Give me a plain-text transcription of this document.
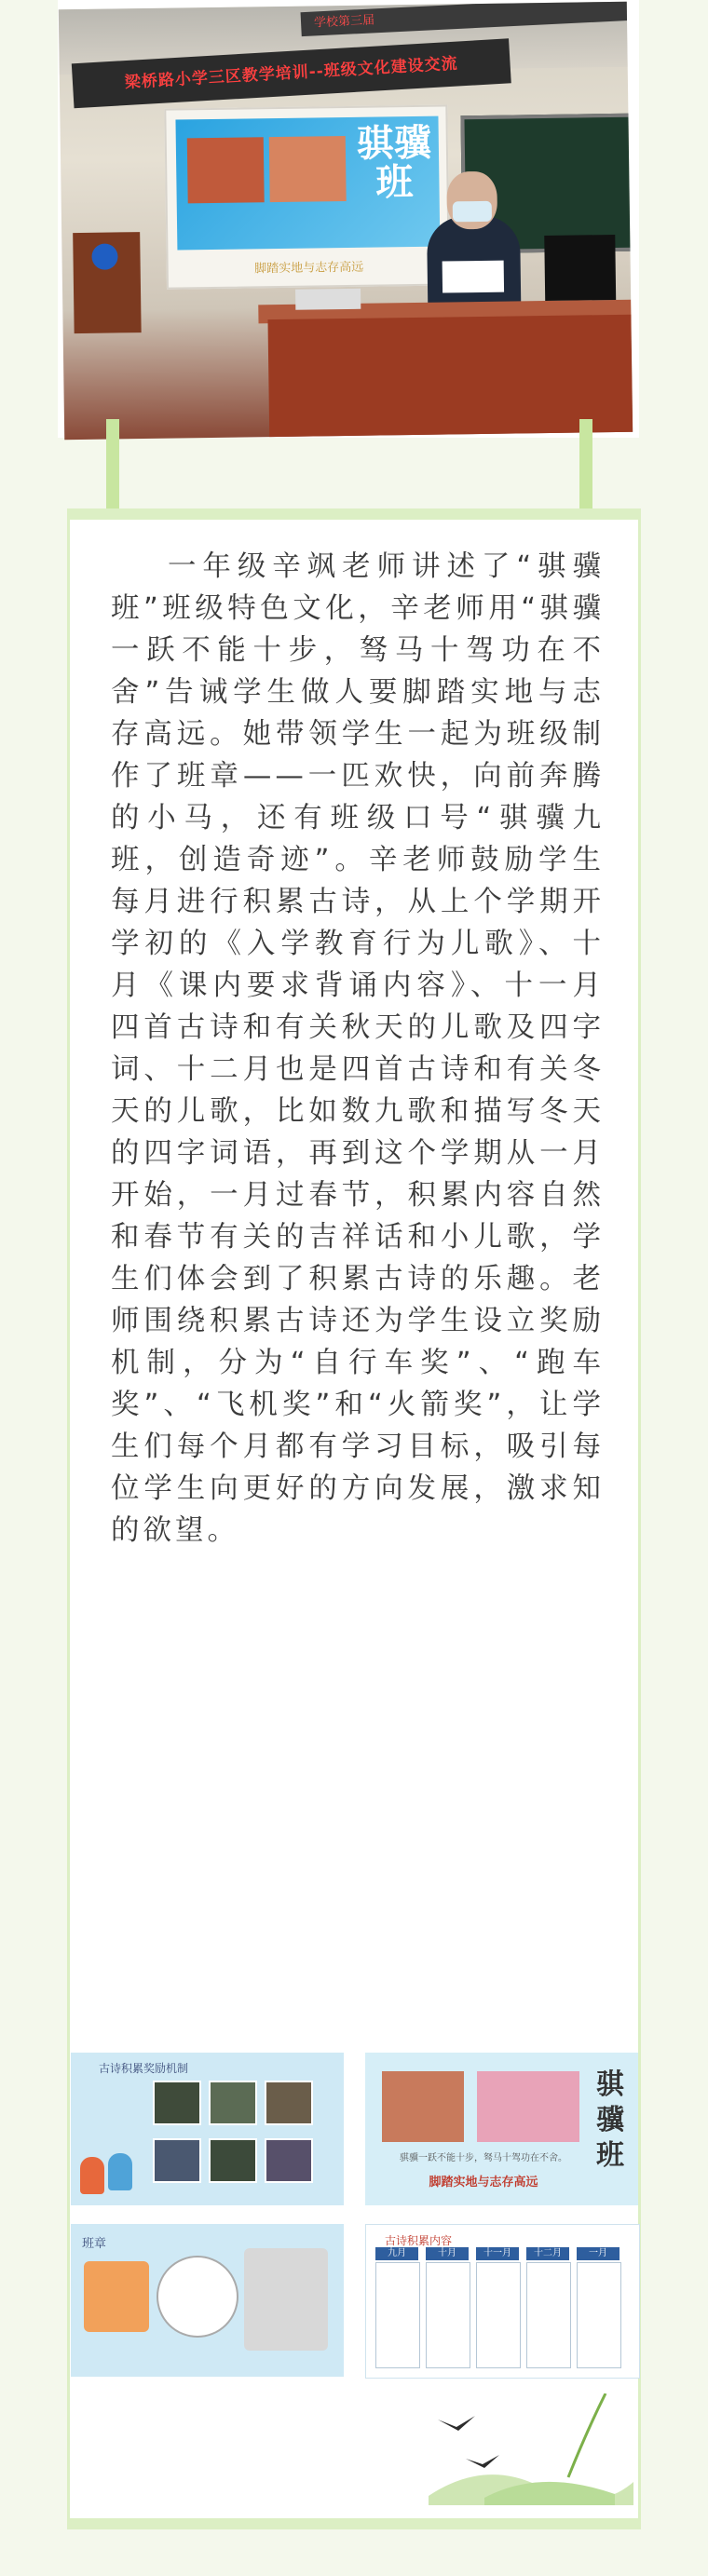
学校第三届
梁桥路小学三区教学培训--班级文化建设交流
骐骥班
脚踏实地与志存高远

一年级辛飒老师讲述了“骐骥班”班级特色文化，辛老师用“骐骥一跃不能十步，驽马十驾功在不舍”告诫学生做人要脚踏实地与志存高远。她带领学生一起为班级制作了班章——一匹欢快，向前奔腾的小马，还有班级口号“骐骥九班，创造奇迹”。辛老师鼓励学生每月进行积累古诗，从上个学期开学初的《入学教育行为儿歌》、十月《课内要求背诵内容》、十一月四首古诗和有关秋天的儿歌及四字词、十二月也是四首古诗和有关冬天的儿歌，比如数九歌和描写冬天的四字词语，再到这个学期从一月开始，一月过春节，积累内容自然和春节有关的吉祥话和小儿歌，学生们体会到了积累古诗的乐趣。老师围绕积累古诗还为学生设立奖励机制，分为“自行车奖”、“跑车奖”、“飞机奖”和“火箭奖”，让学生们每个月都有学习目标，吸引每位学生向更好的方向发展，激求知的欲望。

古诗积累奖励机制	骐骥班
骐骥一跃不能十步，驽马十驾功在不舍。
脚踏实地与志存高远
班章	古诗积累内容
九月	十月	十一月	十二月	一月
